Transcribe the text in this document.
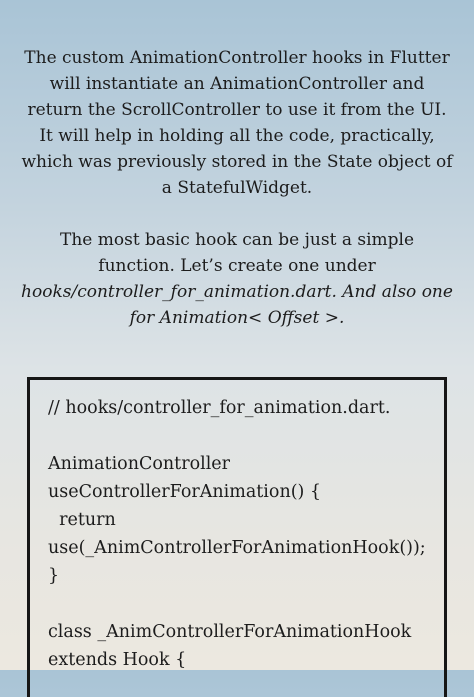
The custom AnimationController hooks in Flutter will instantiate an AnimationController and return the ScrollController to use it from the UI. It will help in holding all the code, practically, which was previously stored in the State object of a StatefulWidget.

The most basic hook can be just a simple function. Let’s create one under hooks/controller_for_animation.dart. And also one for Animation< Offset >.

// hooks/controller_for_animation.dart.
AnimationController
useControllerForAnimation() {
return
use(_AnimControllerForAnimationHook());
}
class _AnimControllerForAnimationHook
extends Hook {
